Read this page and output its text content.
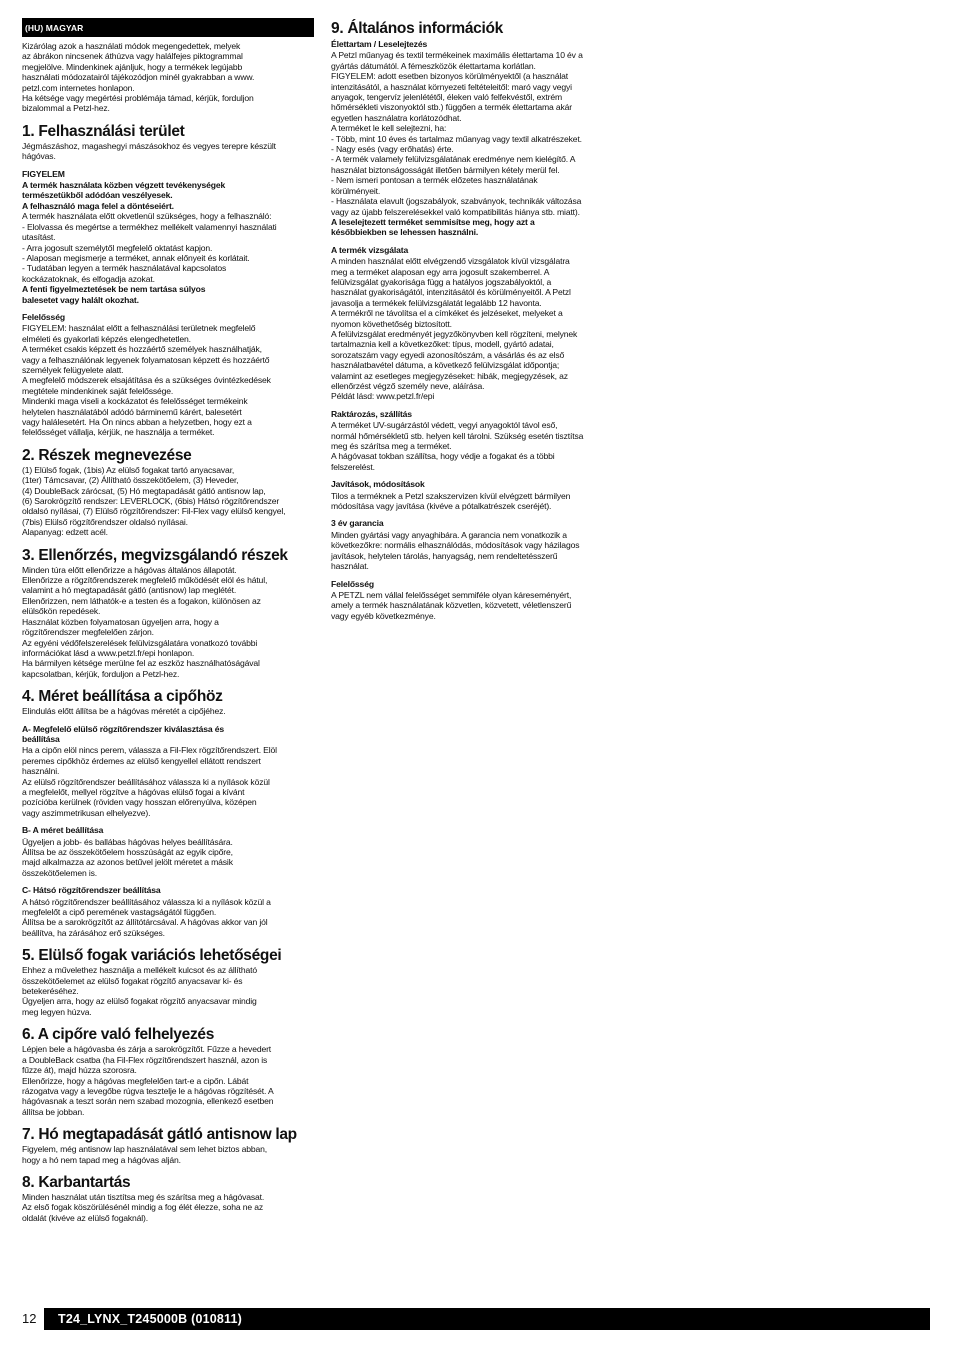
(HU) MAGYAR

Kizárólag azok a használati módok megengedettek, melyek
az ábrákon nincsenek áthúzva vagy halálfejes piktogrammal
megjelölve. Mindenkinek ajánljuk, hogy a termékek legújabb
használati módozatairól tájékozódjon minél gyakrabban a www.
petzl.com internetes honlapon.
Ha kétsége vagy megértési problémája támad, kérjük, forduljon
bizalommal a Petzl-hez.

1. Felhasználási terület

Jégmászáshoz, magashegyi mászásokhoz és vegyes terepre készült
hágóvas.

FIGYELEM

A termék használata közben végzett tevékenységek
természetükből adódóan veszélyesek.
A felhasználó maga felel a döntéseiért.

A termék használata előtt okvetlenül szükséges, hogy a felhasználó:
- Elolvassa és megértse a termékhez mellékelt valamennyi használati
utasítást.
- Arra jogosult személytől megfelelő oktatást kapjon.
- Alaposan megismerje a terméket, annak előnyeit és korlátait.
- Tudatában legyen a termék használatával kapcsolatos
kockázatoknak, és elfogadja azokat.

A fenti figyelmeztetések be nem tartása súlyos
balesetet vagy halált okozhat.

Felelősség

FIGYELEM: használat előtt a felhasználási területnek megfelelő
elméleti és gyakorlati képzés elengedhetetlen.
A terméket csakis képzett és hozzáértő személyek használhatják,
vagy a felhasználónak legyenek folyamatosan képzett és hozzáértő
személyek felügyelete alatt.
A megfelelő módszerek elsajátítása és a szükséges óvintézkedések
megtétele mindenkinek saját felelőssége.
Mindenki maga viseli a kockázatot és felelősséget termékeink
helytelen használatából adódó bárminemű kárért, balesetért
vagy halálesetért. Ha Ön nincs abban a helyzetben, hogy ezt a
felelősséget vállalja, kérjük, ne használja a terméket.

2. Részek megnevezése

(1) Elülső fogak, (1bis) Az elülső fogakat tartó anyacsavar,
(1ter) Támcsavar, (2) Állítható összekötőelem, (3) Heveder,
(4) DoubleBack zárócsat, (5) Hó megtapadását gátló antisnow lap,
(6) Sarokrögzítő rendszer: LEVERLOCK, (6bis) Hátsó rögzítőrendszer
oldalsó nyílásai, (7) Elülső rögzítőrendszer: Fil-Flex vagy elülső kengyel,
(7bis) Elülső rögzítőrendszer oldalsó nyílásai.
Alapanyag: edzett acél.

3. Ellenőrzés, megvizsgálandó részek

Minden túra előtt ellenőrizze a hágóvas általános állapotát.
Ellenőrizze a rögzítőrendszerek megfelelő működését elöl és hátul,
valamint a hó megtapadását gátló (antisnow) lap meglétét.
Ellenőrizzen, nem láthatók-e a testen és a fogakon, különösen az
elülsőkön repedések.
Használat közben folyamatosan ügyeljen arra, hogy a
rögzítőrendszer megfelelően zárjon.
Az egyéni védőfelszerelések felülvizsgálatára vonatkozó további
információkat lásd a www.petzl.fr/epi honlapon.
Ha bármilyen kétsége merülne fel az eszköz használhatóságával
kapcsolatban, kérjük, forduljon a Petzl-hez.

4. Méret beállítása a cipőhöz

Elindulás előtt állítsa be a hágóvas méretét a cipőjéhez.

A- Megfelelő elülső rögzítőrendszer kiválasztása és
beállítása

Ha a cipőn elöl nincs perem, válassza a Fil-Flex rögzítőrendszert. Elöl
peremes cipőkhöz érdemes az elülső kengyellel ellátott rendszert
használni.
Az elülső rögzítőrendszer beállításához válassza ki a nyílások közül
a megfelelőt, mellyel rögzítve a hágóvas elülső fogai a kívánt
pozícióba kerülnek (röviden vagy hosszan előrenyúlva, középen
vagy aszimmetrikusan elhelyezve).

B- A méret beállítása

Ügyeljen a jobb- és ballábas hágóvas helyes beállítására.
Állítsa be az összekötőelem hosszúságát az egyik cipőre,
majd alkalmazza az azonos betűvel jelölt méretet a másik
összekötőelemen is.

C- Hátsó rögzítőrendszer beállítása

A hátsó rögzítőrendszer beállításához válassza ki a nyílások közül a
megfelelőt a cipő peremének vastagságától függően.
Állítsa be a sarokrögzítőt az állítótárcsával. A hágóvas akkor van jól
beállítva, ha zárásához erő szükséges.

5. Elülső fogak variációs lehetőségei

Ehhez a művelethez használja a mellékelt kulcsot és az állítható
összekötőelemet az elülső fogakat rögzítő anyacsavar ki- és
betekeréséhez.
Ügyeljen arra, hogy az elülső fogakat rögzítő anyacsavar mindig
meg legyen húzva.

6. A cipőre való felhelyezés

Lépjen bele a hágóvasba és zárja a sarokrögzítőt. Fűzze a hevedert
a DoubleBack csatba (ha Fil-Flex rögzítőrendszert használ, azon is
fűzze át), majd húzza szorosra.
Ellenőrizze, hogy a hágóvas megfelelően tart-e a cipőn. Lábát
rázogatva vagy a levegőbe rúgva tesztelje le a hágóvas rögzítését. A
hágóvasnak a teszt során nem szabad mozognia, ellenkező esetben
állítsa be jobban.

7. Hó megtapadását gátló antisnow lap

Figyelem, még antisnow lap használatával sem lehet biztos abban,
hogy a hó nem tapad meg a hágóvas alján.

8. Karbantartás

Minden használat után tisztítsa meg és szárítsa meg a hágóvasat.
Az első fogak köszörülésénél mindig a fog élét élezze, soha ne az
oldalát (kivéve az elülső fogaknál).

9. Általános információk
Élettartam / Leselejtezés

A Petzl műanyag és textil termékeinek maximális élettartama 10 év a
gyártás dátumától. A fémeszközök élettartama korlátlan.
FIGYELEM: adott esetben bizonyos körülményektől (a használat
intenzitásától, a használat környezeti feltételeitől: maró vagy vegyi
anyagok, tengervíz jelenlététől, éleken való felfekvéstől, extrém
hőmérsékleti viszonyoktól stb.) függően a termék élettartama akár
egyetlen használatra korlátozódhat.
A terméket le kell selejtezni, ha:
- Több, mint 10 éves és tartalmaz műanyag vagy textil alkatrészeket.
- Nagy esés (vagy erőhatás) érte.
- A termék valamely felülvizsgálatának eredménye nem kielégítő. A
használat biztonságosságát illetően bármilyen kétely merül fel.
- Nem ismeri pontosan a termék előzetes használatának
körülményeit.
- Használata elavult (jogszabályok, szabványok, technikák változása
vagy az újabb felszerelésekkel való kompatibilitás hiánya stb. miatt).

A leselejtezett terméket semmisítse meg, hogy azt a
későbbiekben se lehessen használni.

A termék vizsgálata

A minden használat előtt elvégzendő vizsgálatok kívül vizsgálatra
meg a terméket alaposan egy arra jogosult szakemberrel. A
felülvizsgálat gyakorisága függ a hatályos jogszabályoktól, a
használat gyakoriságától, intenzitásától és körülményeitől. A Petzl
javasolja a termékek felülvizsgálatát legalább 12 havonta.
A termékről ne távolítsa el a címkéket és jelzéseket, melyeket a
nyomon követhetőség biztosított.
A felülvizsgálat eredményét jegyzőkönyvben kell rögzíteni, melynek
tartalmaznia kell a következőket: típus, modell, gyártó adatai,
sorozatszám vagy egyedi azonosítószám, a vásárlás és az első
használatbavétel dátuma, a következő felülvizsgálat időpontja;
valamint az esetleges megjegyzéseket: hibák, megjegyzések, az
ellenőrzést végző személy neve, aláírása.
Példát lásd: www.petzl.fr/epi

Raktározás, szállítás

A terméket UV-sugárzástól védett, vegyi anyagoktól távol eső,
normál hőmérsékletű stb. helyen kell tárolni. Szükség esetén tisztítsa
meg és szárítsa meg a terméket.
A hágóvasat tokban szállítsa, hogy védje a fogakat és a többi
felszerelést.

Javítások, módosítások

Tilos a terméknek a Petzl szakszervizen kívül elvégzett bármilyen
módosítása vagy javítása (kivéve a pótalkatrészek cseréjét).

3 év garancia

Minden gyártási vagy anyaghibára. A garancia nem vonatkozik a
következőkre: normális elhasználódás, módosítások vagy házilagos
javítások, helytelen tárolás, hanyagság, nem rendeltetésszerű
használat.

Felelősség

A PETZL nem vállal felelősséget semmiféle olyan káreseményért,
amely a termék használatának közvetlen, közvetett, véletlenszerű
vagy egyéb következménye.

12 T24_LYNX_T245000B (010811)
